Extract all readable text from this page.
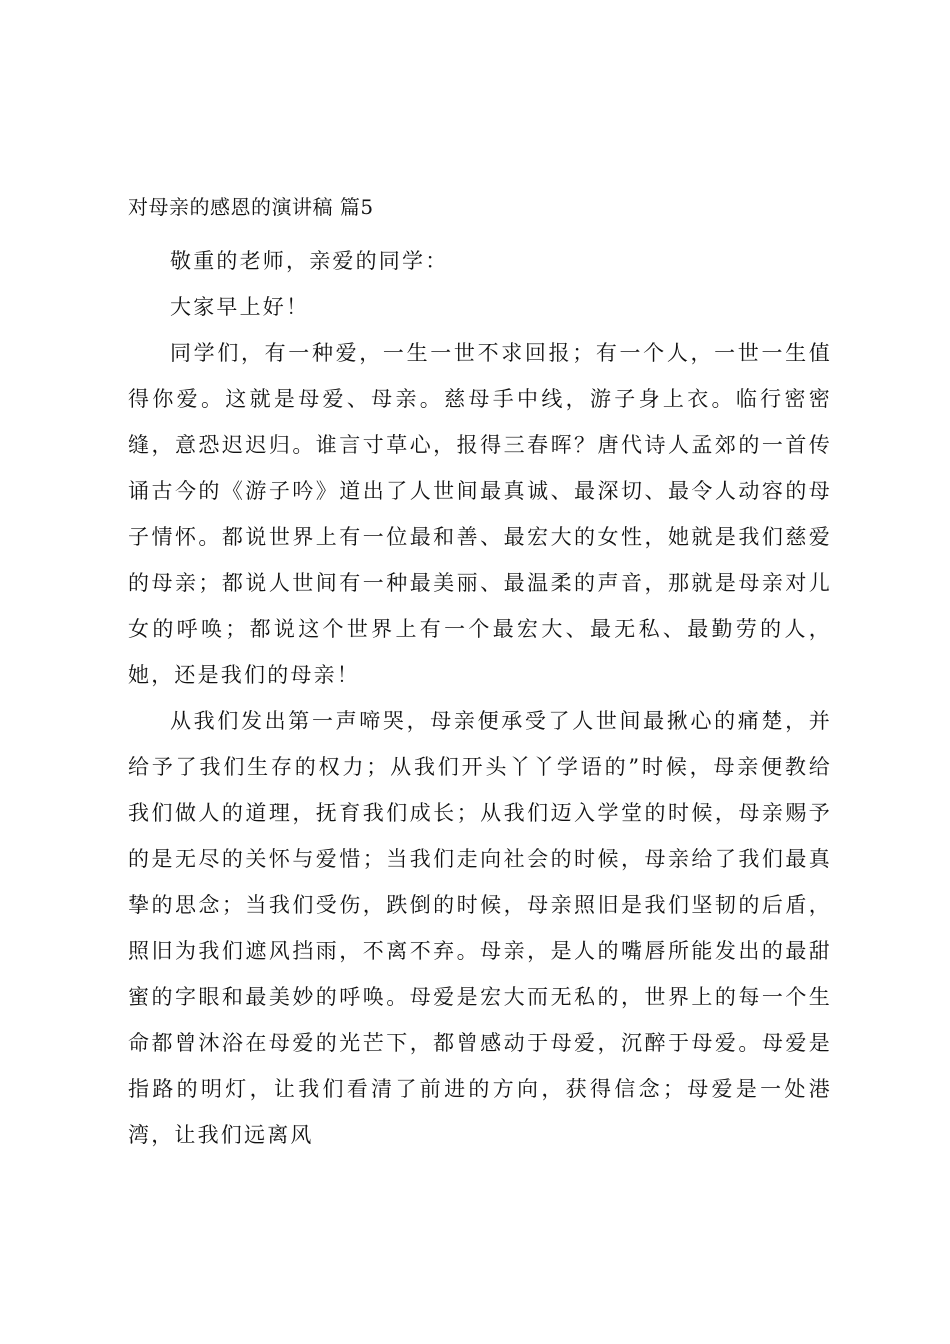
对母亲的感恩的演讲稿 篇5

敬重的老师，亲爱的同学：

大家早上好！

同学们，有一种爱，一生一世不求回报；有一个人，一世一生值得你爱。这就是母爱、母亲。慈母手中线，游子身上衣。临行密密缝，意恐迟迟归。谁言寸草心，报得三春晖？唐代诗人孟郊的一首传诵古今的《游子吟》道出了人世间最真诚、最深切、最令人动容的母子情怀。都说世界上有一位最和善、最宏大的女性，她就是我们慈爱的母亲；都说人世间有一种最美丽、最温柔的声音，那就是母亲对儿女的呼唤；都说这个世界上有一个最宏大、最无私、最勤劳的人，她，还是我们的母亲！

从我们发出第一声啼哭，母亲便承受了人世间最揪心的痛楚，并给予了我们生存的权力；从我们开头丫丫学语的”时候，母亲便教给我们做人的道理，抚育我们成长；从我们迈入学堂的时候，母亲赐予的是无尽的关怀与爱惜；当我们走向社会的时候，母亲给了我们最真挚的思念；当我们受伤，跌倒的时候，母亲照旧是我们坚韧的后盾，照旧为我们遮风挡雨，不离不弃。母亲，是人的嘴唇所能发出的最甜蜜的字眼和最美妙的呼唤。母爱是宏大而无私的，世界上的每一个生命都曾沐浴在母爱的光芒下，都曾感动于母爱，沉醉于母爱。母爱是指路的明灯，让我们看清了前进的方向，获得信念；母爱是一处港湾，让我们远离风
